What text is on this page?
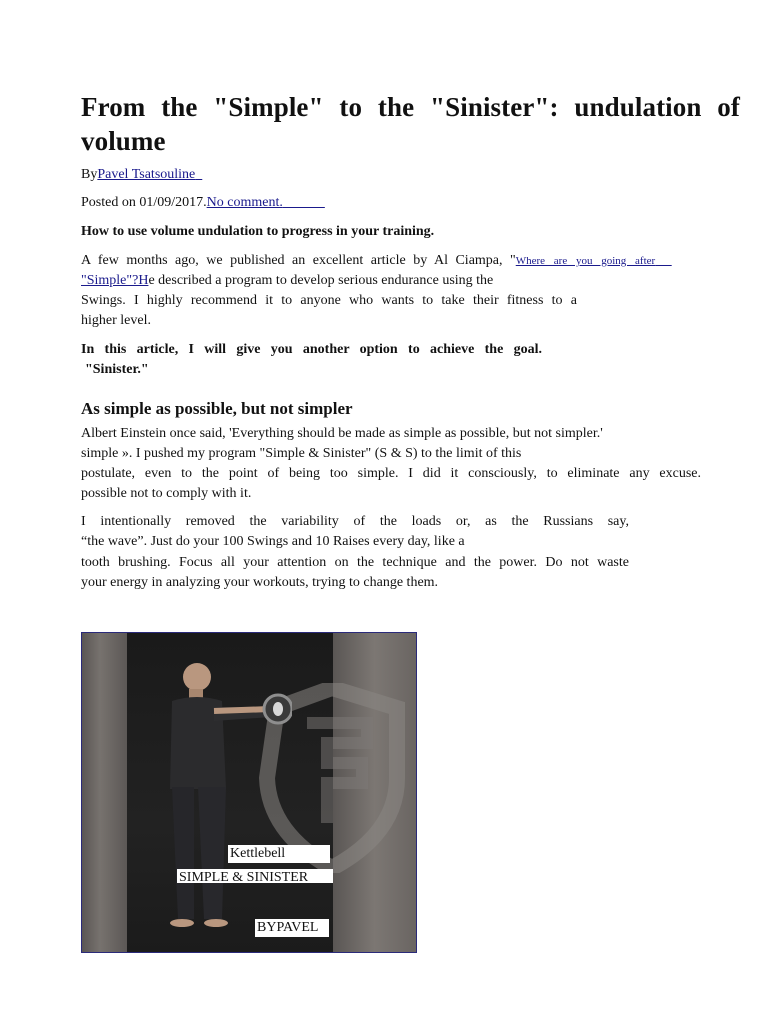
From the "Simple" to the "Sinister": undulation of volume
ByPavel Tsatsouline
Posted on 01/09/2017.No comment.
How to use volume undulation to progress in your training.
A few months ago, we published an excellent article by Al Ciampa, "Where are you going after
"Simple"?He described a program to develop serious endurance using the
Swings. I highly recommend it to anyone who wants to take their fitness to a
higher level.
In this article, I will give you another option to achieve the goal.
"Sinister."
As simple as possible, but not simpler
Albert Einstein once said, 'Everything should be made as simple as possible, but not simpler.'
simple ». I pushed my program "Simple & Sinister" (S & S) to the limit of this
postulate, even to the point of being too simple. I did it consciously, to eliminate any excuse.
possible not to comply with it.
I intentionally removed the variability of the loads or, as the Russians say,
“the wave”. Just do your 100 Swings and 10 Raises every day, like a
tooth brushing. Focus all your attention on the technique and the power. Do not waste
your energy in analyzing your workouts, trying to change them.
Kettlebell
SIMPLE & SINISTER
BYPAVEL
